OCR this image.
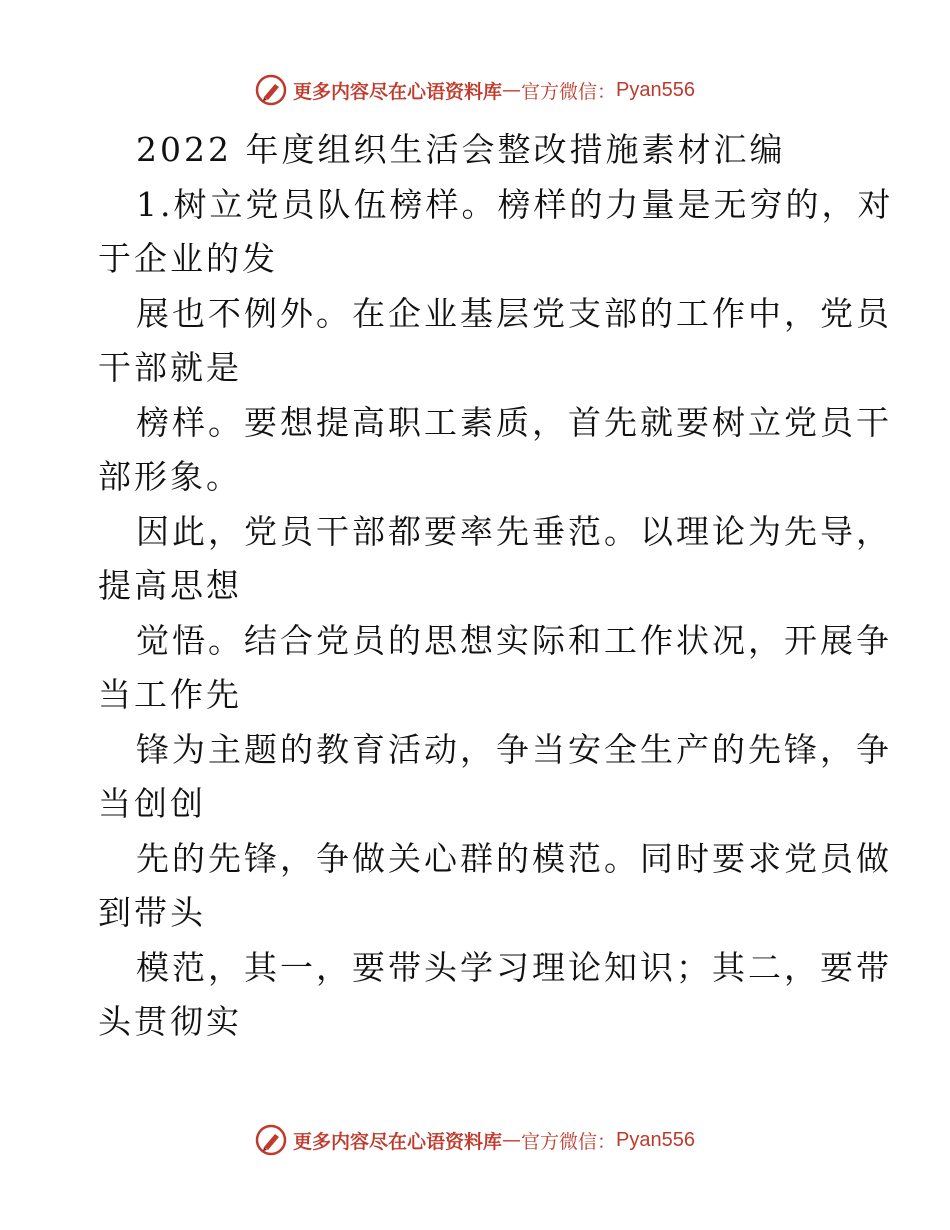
更多内容尽在心语资料库 — 官方微信： Pyan556
2022 年度组织生活会整改措施素材汇编
1.树立党员队伍榜样。榜样的力量是无穷的，对
于企业的发
展也不例外。在企业基层党支部的工作中，党员
干部就是
榜样。要想提高职工素质，首先就要树立党员干
部形象。
因此，党员干部都要率先垂范。以理论为先导，
提高思想
觉悟。结合党员的思想实际和工作状况，开展争
当工作先
锋为主题的教育活动，争当安全生产的先锋，争
当创创
先的先锋，争做关心群的模范。同时要求党员做
到带头
模范，其一，要带头学习理论知识；其二，要带
头贯彻实
更多内容尽在心语资料库 — 官方微信： Pyan556
